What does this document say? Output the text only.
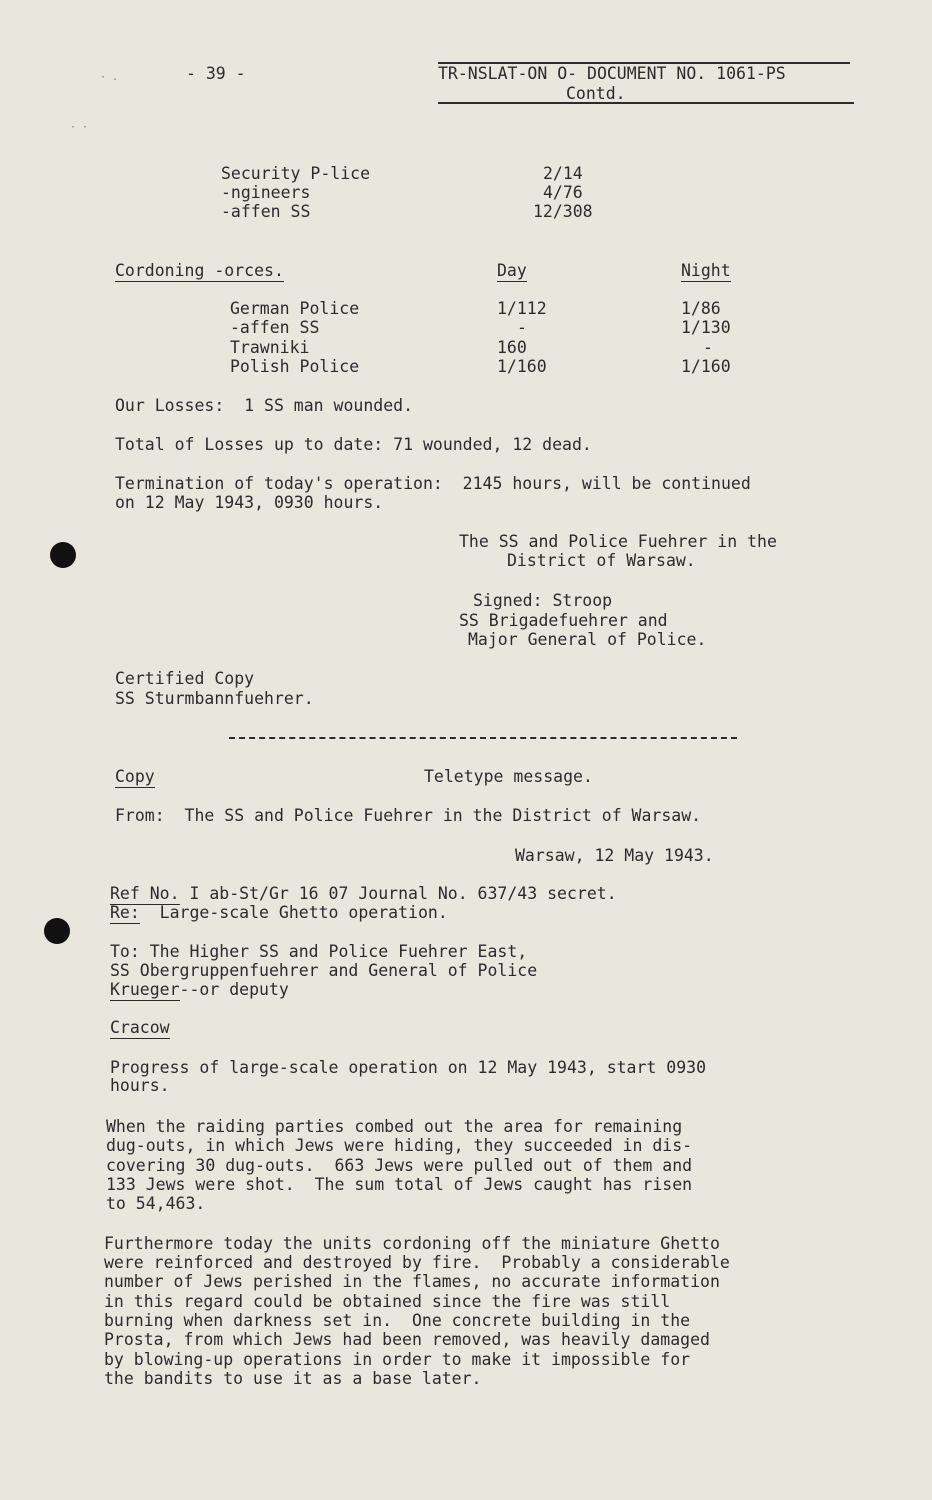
· .
· ·
- 39 -	TR-NSLAT-ON O- DOCUMENT NO. 1061-PS
Contd.
Security P-lice	2/14
-ngineers	4/76
-affen SS	12/308
Cordoning -orces.	Day	Night
German Police	1/112	1/86
-affen SS	-	1/130
Trawniki	160	-
Polish Police	1/160	1/160
Our Losses:  1 SS man wounded.
Total of Losses up to date: 71 wounded, 12 dead.
Termination of today's operation:  2145 hours, will be continued
on 12 May 1943, 0930 hours.
The SS and Police Fuehrer in the
District of Warsaw.
Signed: Stroop
SS Brigadefuehrer and
Major General of Police.
Certified Copy
SS Sturmbannfuehrer.
Copy	Teletype message.
From:  The SS and Police Fuehrer in the District of Warsaw.
Warsaw, 12 May 1943.
Ref No. I ab-St/Gr 16 07 Journal No. 637/43 secret.
Re:  Large-scale Ghetto operation.
To: The Higher SS and Police Fuehrer East,
SS Obergruppenfuehrer and General of Police
Krueger--or deputy
Cracow
Progress of large-scale operation on 12 May 1943, start 0930
hours.
When the raiding parties combed out the area for remaining
dug-outs, in which Jews were hiding, they succeeded in dis-
covering 30 dug-outs.  663 Jews were pulled out of them and
133 Jews were shot.  The sum total of Jews caught has risen
to 54,463.
Furthermore today the units cordoning off the miniature Ghetto
were reinforced and destroyed by fire.  Probably a considerable
number of Jews perished in the flames, no accurate information
in this regard could be obtained since the fire was still
burning when darkness set in.  One concrete building in the
Prosta, from which Jews had been removed, was heavily damaged
by blowing-up operations in order to make it impossible for
the bandits to use it as a base later.
